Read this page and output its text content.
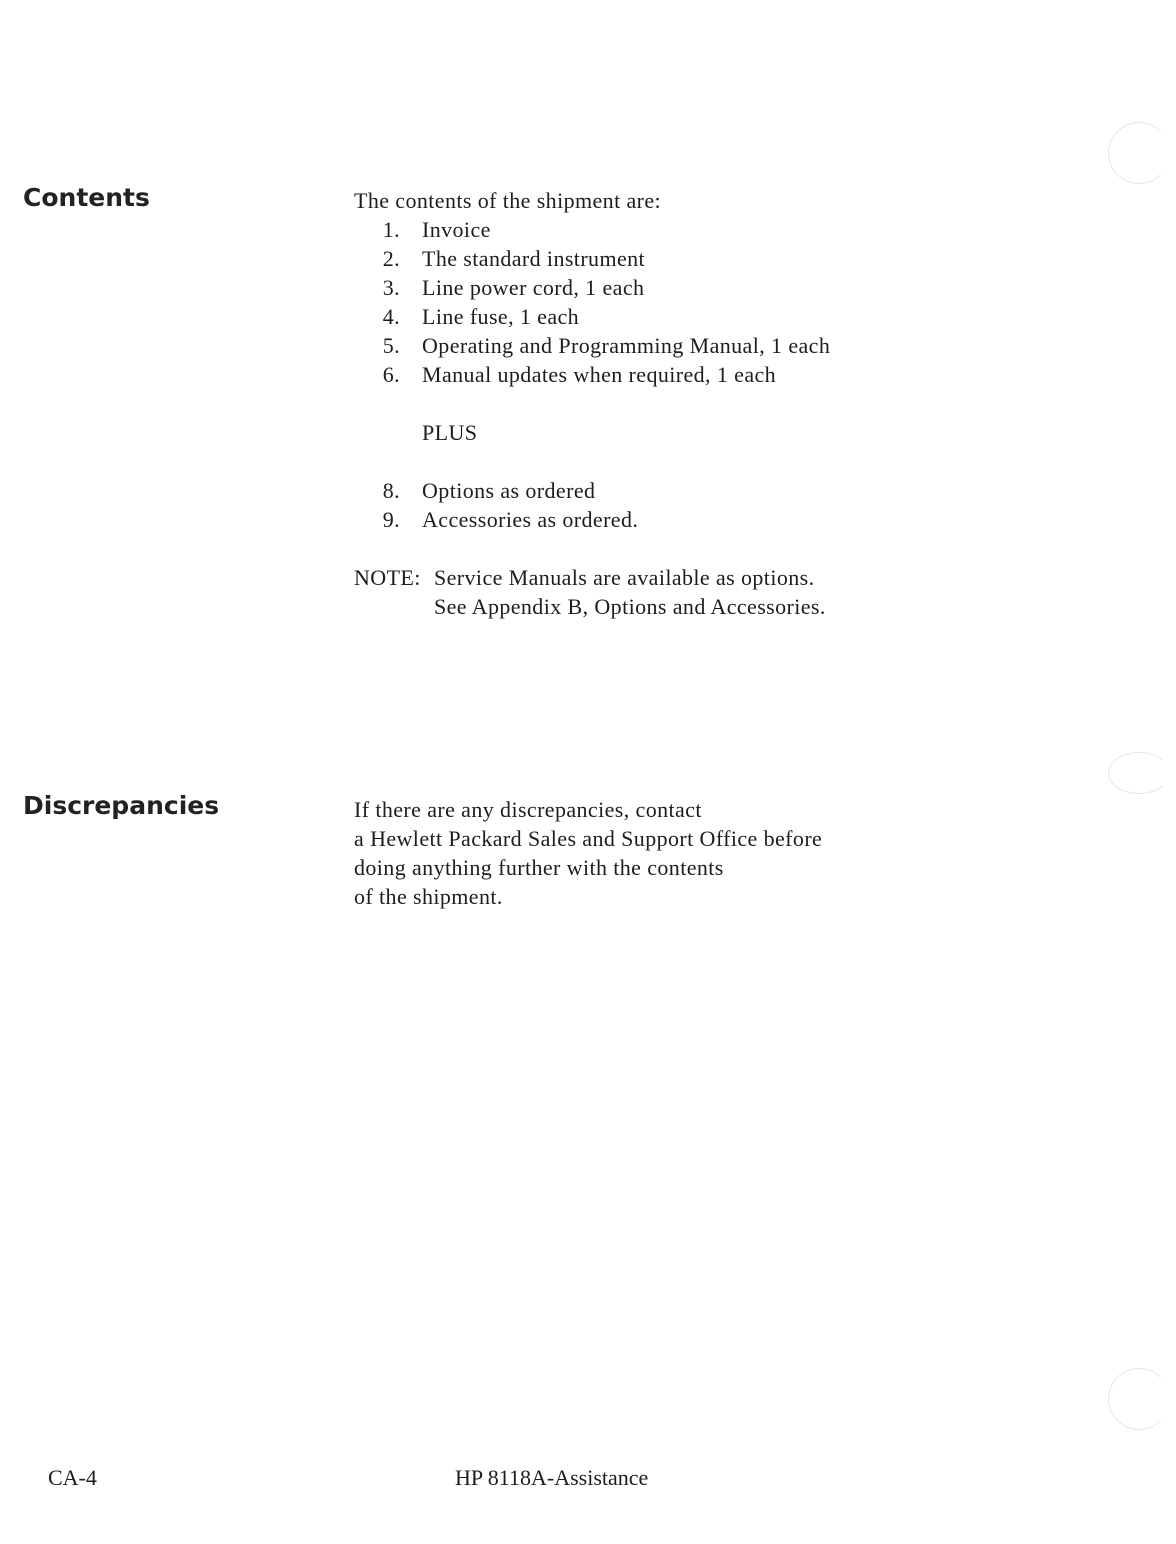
Contents	The contents of the shipment are:

1. Invoice
2. The standard instrument
3. Line power cord, 1 each
4. Line fuse, 1 each
5. Operating and Programming Manual, 1 each
6. Manual updates when required, 1 each

PLUS

8. Options as ordered
9. Accessories as ordered.
NOTE: Service Manuals are available as options.
See Appendix B, Options and Accessories.
Discrepancies	If there are any discrepancies, contact
a Hewlett Packard Sales and Support Office before
doing anything further with the contents
of the shipment.
CA-4	HP 8118A-Assistance
